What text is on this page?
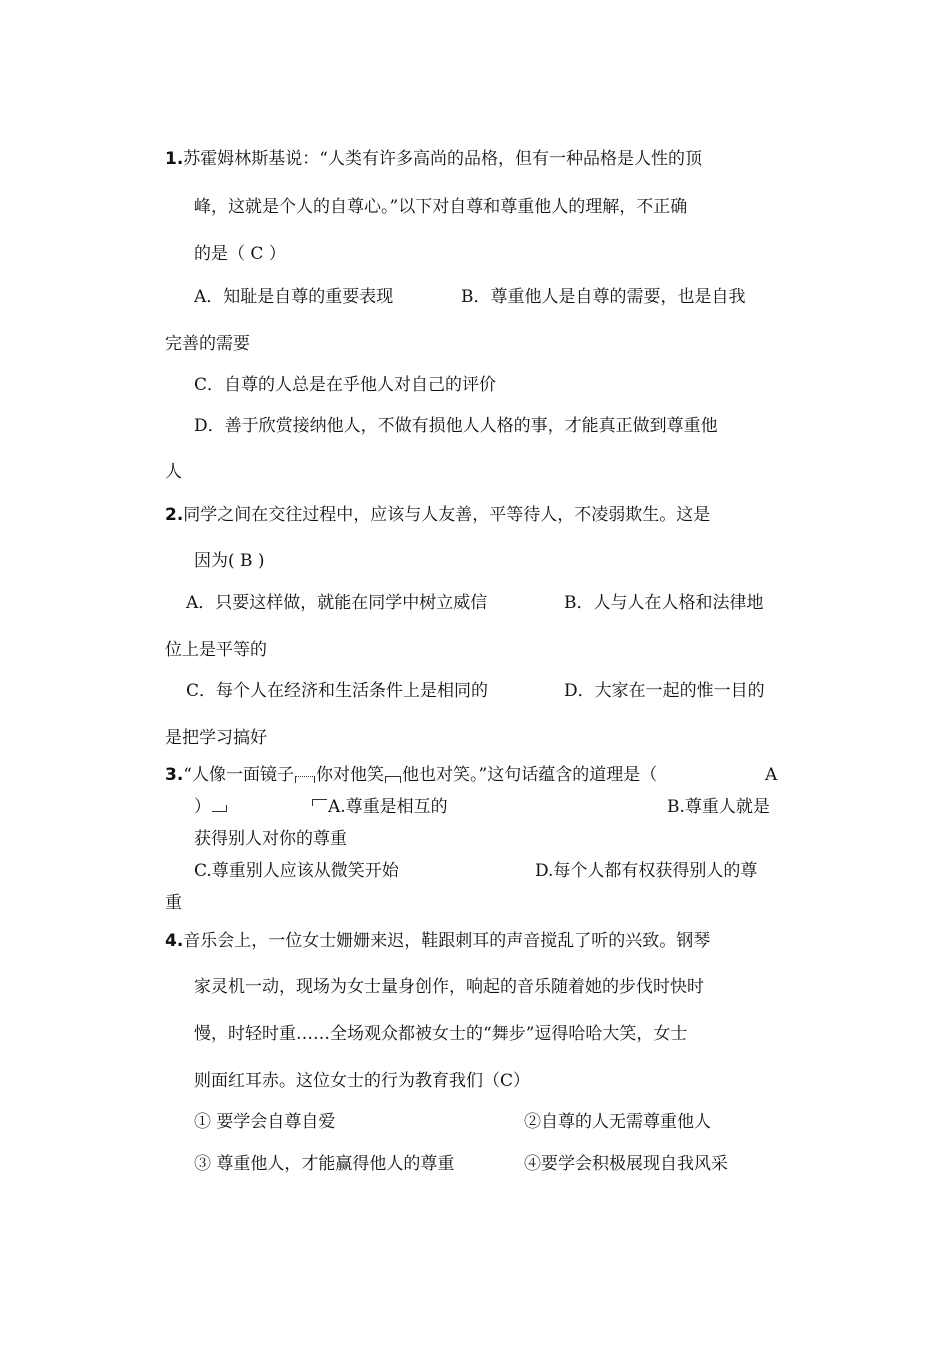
1.苏霍姆林斯基说：“人类有许多高尚的品格，但有一种品格是人性的顶
峰，这就是个人的自尊心。”以下对自尊和尊重他人的理解，不正确
的是（ C ）
A．知耻是自尊的重要表现	B．尊重他人是自尊的需要，也是自我
完善的需要
C．自尊的人总是在乎他人对自己的评价
D．善于欣赏接纳他人，不做有损他人人格的事，才能真正做到尊重他
人
2.同学之间在交往过程中，应该与人友善，平等待人，不凌弱欺生。这是
因为( B )
A．只要这样做，就能在同学中树立威信	B．人与人在人格和法律地
位上是平等的
C．每个人在经济和生活条件上是相同的	D．大家在一起的惟一目的
是把学习搞好
3.“人像一面镜子 你对他笑 他也对笑。”这句话蕴含的道理是（	A
）	A.尊重是相互的	B.尊重人就是
获得别人对你的尊重
C.尊重别人应该从微笑开始	D.每个人都有权获得别人的尊
重
4.音乐会上，一位女士姗姗来迟，鞋跟刺耳的声音搅乱了听的兴致。钢琴
家灵机一动，现场为女士量身创作，响起的音乐随着她的步伐时快时
慢，时轻时重……全场观众都被女士的“舞步”逗得哈哈大笑，女士
则面红耳赤。这位女士的行为教育我们（C）
① 要学会自尊自爱	②自尊的人无需尊重他人
③ 尊重他人，才能赢得他人的尊重	④要学会积极展现自我风采
